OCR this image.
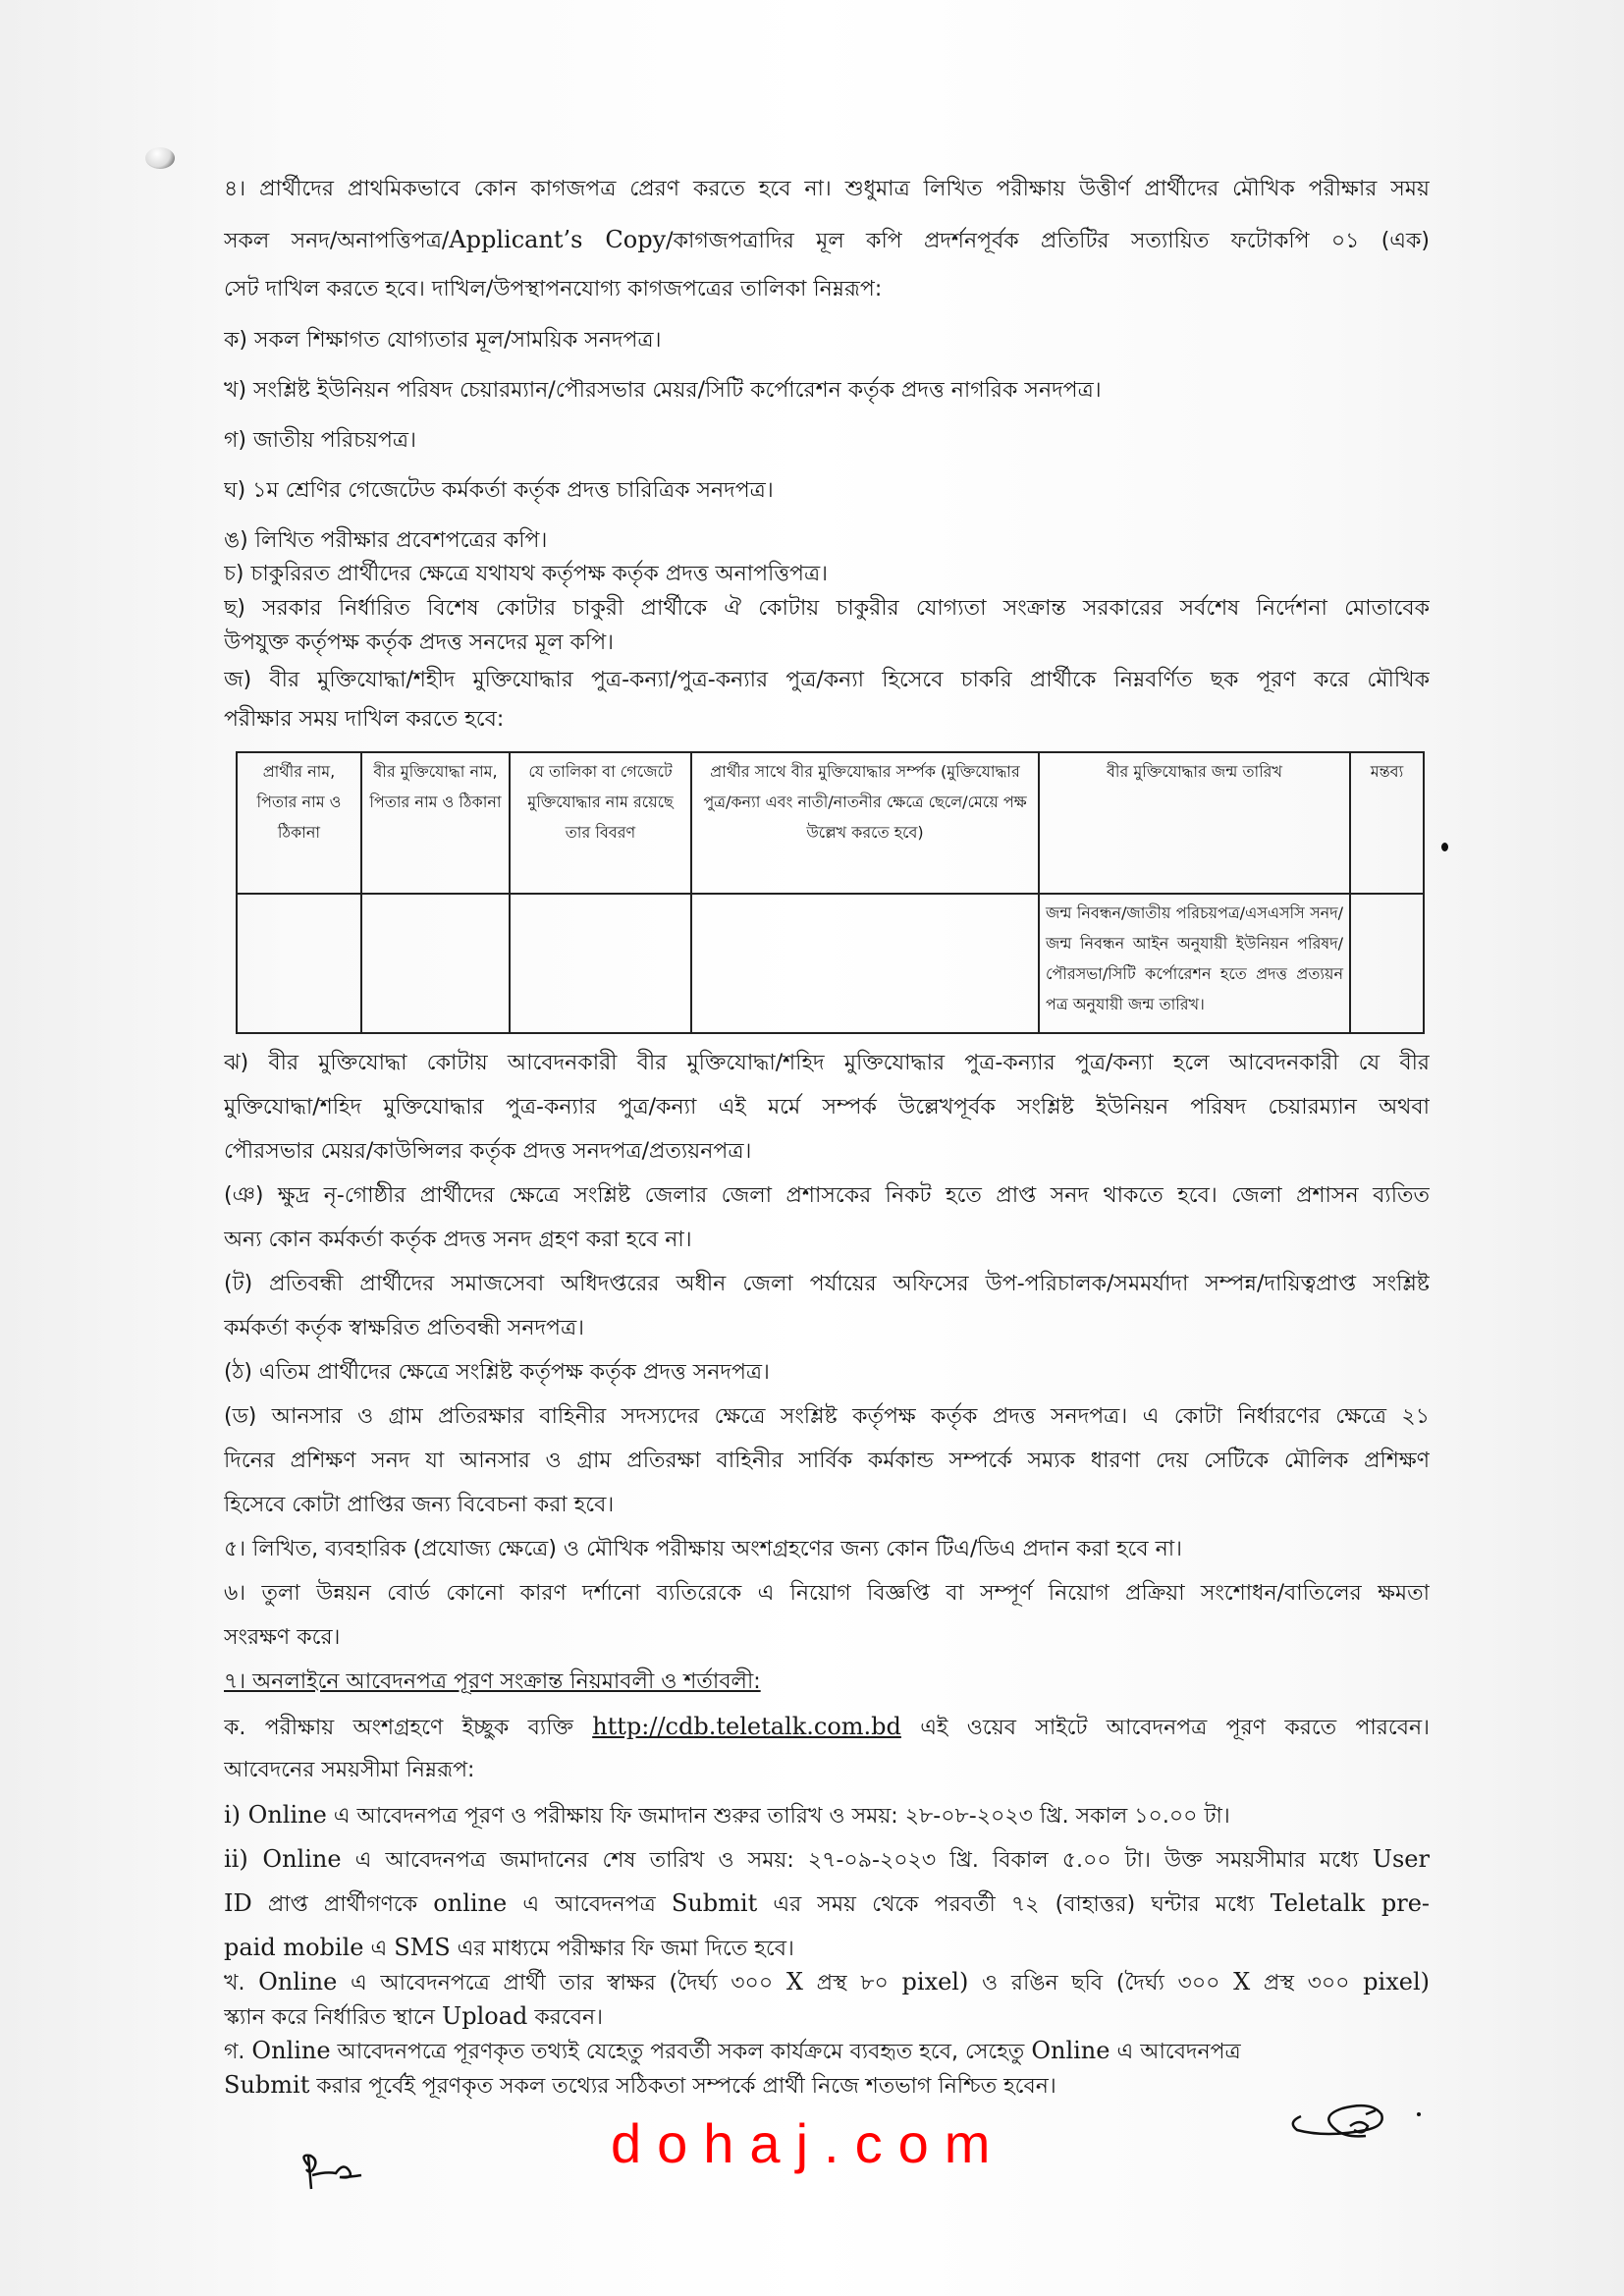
৪। প্রার্থীদের প্রাথমিকভাবে কোন কাগজপত্র প্রেরণ করতে হবে না। শুধুমাত্র লিখিত পরীক্ষায় উত্তীর্ণ প্রার্থীদের মৌখিক পরীক্ষার সময়
সকল সনদ/অনাপত্তিপত্র/Applicant’s Copy/কাগজপত্রাদির মূল কপি প্রদর্শনপূর্বক প্রতিটির সত্যায়িত ফটোকপি ০১ (এক)
সেট দাখিল করতে হবে। দাখিল/উপস্থাপনযোগ্য কাগজপত্রের তালিকা নিম্নরূপ:
ক) সকল শিক্ষাগত যোগ্যতার মূল/সাময়িক সনদপত্র।
খ) সংশ্লিষ্ট ইউনিয়ন পরিষদ চেয়ারম্যান/পৌরসভার মেয়র/সিটি কর্পোরেশন কর্তৃক প্রদত্ত নাগরিক সনদপত্র।
গ) জাতীয় পরিচয়পত্র।
ঘ) ১ম শ্রেণির গেজেটেড কর্মকর্তা কর্তৃক প্রদত্ত চারিত্রিক সনদপত্র।
ঙ) লিখিত পরীক্ষার প্রবেশপত্রের কপি।
চ) চাকুরিরত প্রার্থীদের ক্ষেত্রে যথাযথ কর্তৃপক্ষ কর্তৃক প্রদত্ত অনাপত্তিপত্র।
ছ) সরকার নির্ধারিত বিশেষ কোটার চাকুরী প্রার্থীকে ঐ কোটায় চাকুরীর যোগ্যতা সংক্রান্ত সরকারের সর্বশেষ নির্দেশনা মোতাবেক
উপযুক্ত কর্তৃপক্ষ কর্তৃক প্রদত্ত সনদের মূল কপি।
জ) বীর মুক্তিযোদ্ধা/শহীদ মুক্তিযোদ্ধার পুত্র-কন্যা/পুত্র-কন্যার পুত্র/কন্যা হিসেবে চাকরি প্রার্থীকে নিম্নবর্ণিত ছক পূরণ করে মৌখিক
পরীক্ষার সময় দাখিল করতে হবে:
প্রার্থীর নাম, পিতার নাম ও ঠিকানা	বীর মুক্তিযোদ্ধা নাম, পিতার নাম ও ঠিকানা	যে তালিকা বা গেজেটে মুক্তিযোদ্ধার নাম রয়েছে তার বিবরণ	প্রার্থীর সাথে বীর মুক্তিযোদ্ধার সর্ম্পক (মুক্তিযোদ্ধার পুত্র/কন্যা এবং নাতী/নাতনীর ক্ষেত্রে ছেলে/মেয়ে পক্ষ উল্লেখ করতে হবে)	বীর মুক্তিযোদ্ধার জন্ম তারিখ	মন্তব্য
				জন্ম নিবন্ধন/জাতীয় পরিচয়পত্র/এসএসসি সনদ/জন্ম নিবন্ধন আইন অনুযায়ী ইউনিয়ন পরিষদ/পৌরসভা/সিটি কর্পোরেশন হতে প্রদত্ত প্রত্যয়ন পত্র অনুযায়ী জন্ম তারিখ।	
ঝ) বীর মুক্তিযোদ্ধা কোটায় আবেদনকারী বীর মুক্তিযোদ্ধা/শহিদ মুক্তিযোদ্ধার পুত্র-কন্যার পুত্র/কন্যা হলে আবেদনকারী যে বীর
মুক্তিযোদ্ধা/শহিদ মুক্তিযোদ্ধার পুত্র-কন্যার পুত্র/কন্যা এই মর্মে সম্পর্ক উল্লেখপূর্বক সংশ্লিষ্ট ইউনিয়ন পরিষদ চেয়ারম্যান অথবা
পৌরসভার মেয়র/কাউন্সিলর কর্তৃক প্রদত্ত সনদপত্র/প্রত্যয়নপত্র।
(ঞ) ক্ষুদ্র নৃ-গোষ্ঠীর প্রার্থীদের ক্ষেত্রে সংশ্লিষ্ট জেলার জেলা প্রশাসকের নিকট হতে প্রাপ্ত সনদ থাকতে হবে। জেলা প্রশাসন ব্যতিত
অন্য কোন কর্মকর্তা কর্তৃক প্রদত্ত সনদ গ্রহণ করা হবে না।
(ট) প্রতিবন্ধী প্রার্থীদের সমাজসেবা অধিদপ্তরের অধীন জেলা পর্যায়ের অফিসের উপ-পরিচালক/সমমর্যাদা সম্পন্ন/দায়িত্বপ্রাপ্ত সংশ্লিষ্ট
কর্মকর্তা কর্তৃক স্বাক্ষরিত প্রতিবন্ধী সনদপত্র।
(ঠ) এতিম প্রার্থীদের ক্ষেত্রে সংশ্লিষ্ট কর্তৃপক্ষ কর্তৃক প্রদত্ত সনদপত্র।
(ড) আনসার ও গ্রাম প্রতিরক্ষার বাহিনীর সদস্যদের ক্ষেত্রে সংশ্লিষ্ট কর্তৃপক্ষ কর্তৃক প্রদত্ত সনদপত্র। এ কোটা নির্ধারণের ক্ষেত্রে ২১
দিনের প্রশিক্ষণ সনদ যা আনসার ও গ্রাম প্রতিরক্ষা বাহিনীর সার্বিক কর্মকান্ড সম্পর্কে সম্যক ধারণা দেয় সেটিকে মৌলিক প্রশিক্ষণ
হিসেবে কোটা প্রাপ্তির জন্য বিবেচনা করা হবে।
৫। লিখিত, ব্যবহারিক (প্রযোজ্য ক্ষেত্রে) ও মৌখিক পরীক্ষায় অংশগ্রহণের জন্য কোন টিএ/ডিএ প্রদান করা হবে না।
৬। তুলা উন্নয়ন বোর্ড কোনো কারণ দর্শানো ব্যতিরেকে এ নিয়োগ বিজ্ঞপ্তি বা সম্পূর্ণ নিয়োগ প্রক্রিয়া সংশোধন/বাতিলের ক্ষমতা
সংরক্ষণ করে।
৭। অনলাইনে আবেদনপত্র পূরণ সংক্রান্ত নিয়মাবলী ও শর্তাবলী:
ক. পরীক্ষায় অংশগ্রহণে ইচ্ছুক ব্যক্তি http://cdb.teletalk.com.bd এই ওয়েব সাইটে আবেদনপত্র পূরণ করতে পারবেন।
আবেদনের সময়সীমা নিম্নরূপ:
i) Online এ আবেদনপত্র পূরণ ও পরীক্ষায় ফি জমাদান শুরুর তারিখ ও সময়: ২৮-০৮-২০২৩ খ্রি. সকাল ১০.০০ টা।
ii) Online এ আবেদনপত্র জমাদানের শেষ তারিখ ও সময়: ২৭-০৯-২০২৩ খ্রি. বিকাল ৫.০০ টা। উক্ত সময়সীমার মধ্যে User
ID প্রাপ্ত প্রার্থীগণকে online এ আবেদনপত্র Submit এর সময় থেকে পরবর্তী ৭২ (বাহাত্তর) ঘন্টার মধ্যে Teletalk pre-
paid mobile এ SMS এর মাধ্যমে পরীক্ষার ফি জমা দিতে হবে।
খ. Online এ আবেদনপত্রে প্রার্থী তার স্বাক্ষর (দৈর্ঘ্য ৩০০ X প্রস্থ ৮০ pixel) ও রঙিন ছবি (দৈর্ঘ্য ৩০০ X প্রস্থ ৩০০ pixel)
স্ক্যান করে নির্ধারিত স্থানে Upload করবেন।
গ. Online আবেদনপত্রে পূরণকৃত তথ্যই যেহেতু পরবর্তী সকল কার্যক্রমে ব্যবহৃত হবে, সেহেতু Online এ আবেদনপত্র
Submit করার পূর্বেই পূরণকৃত সকল তথ্যের সঠিকতা সম্পর্কে প্রার্থী নিজে শতভাগ নিশ্চিত হবেন।
dohaj.com
